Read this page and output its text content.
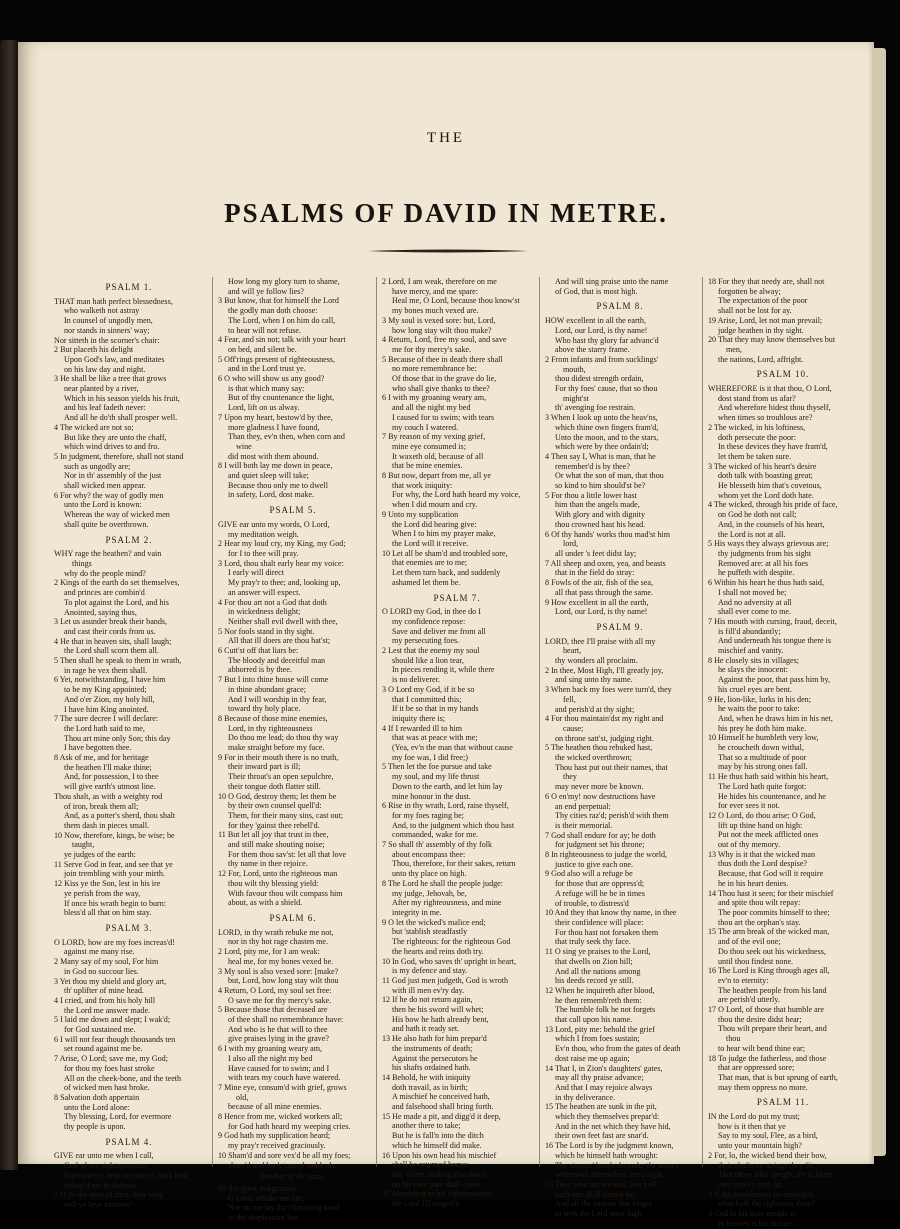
THE
PSALMS OF DAVID IN METRE.

PSALM 1.

THAT man hath perfect blessedness,

who walketh not astray

In counsel of ungodly men,

nor stands in sinners' way;

Nor sitteth in the scorner's chair:

2 But placeth his delight

Upon God's law, and meditates

on his law day and night.

3 He shall be like a tree that grows

near planted by a river,

Which in his season yields his fruit,

and his leaf fadeth never:

And all he do'th shall prosper well.

4 The wicked are not so;

But like they are unto the chaff,

which wind drives to and fro.

5 In judgment, therefore, shall not stand

such as ungodly are;

Nor in th' assembly of the just

shall wicked men appear.

6 For why? the way of godly men

unto the Lord is known:

Whereas the way of wicked men

shall quite be overthrown.

PSALM 2.

WHY rage the heathen? and vain

things

why do the people mind?

2 Kings of the earth do set themselves,

and princes are combin'd

To plot against the Lord, and his

Anointed, saying thus,

3 Let us asunder break their bands,

and cast their cords from us.

4 He that in heaven sits, shall laugh;

the Lord shall scorn them all.

5 Then shall he speak to them in wrath,

in rage he vex them shall.

6 Yet, notwithstanding, I have him

to be my King appointed;

And o'er Zion, my holy hill,

I have him King anointed.

7 The sure decree I will declare:

the Lord hath said to me,

Thou art mine only Son; this day

I have begotten thee.

8 Ask of me, and for heritage

the heathen I'll make thine;

And, for possession, I to thee

will give earth's utmost line.

Thou shalt, as with a weighty rod

of iron, break them all;

And, as a potter's sherd, thou shalt

them dash in pieces small.

10 Now, therefore, kings, be wise; be

taught,

ye judges of the earth:

11 Serve God in fear, and see that ye

join trembling with your mirth.

12 Kiss ye the Son, lest in his ire

ye perish from the way,

If once his wrath begin to burn:

bless'd all that on him stay.

PSALM 3.

O LORD, how are my foes increas'd!

against me many rise.

2 Many say of my soul, For him

in God no succour lies.

3 Yet thou my shield and glory art,

th' uplifter of mine head.

4 I cried, and from his holy hill

the Lord me answer made.

5 I laid me down and slept; I wak'd;

for God sustained me.

6 I will not fear though thousands ten

set round against me be.

7 Arise, O Lord; save me, my God;

for thou my foes hast stroke

All on the cheek-bone, and the teeth

of wicked men hast broke.

8 Salvation doth appertain

unto the Lord alone:

Thy blessing, Lord, for evermore

thy people is upon.

PSALM 4.

GIVE ear unto me when I call,

God of my righteousness:

Have mercy, hear my pray'r; thou hast

enlarg'd me in distress.

2 O ye the sons of men, how long

will ye love vanities?

How long my glory turn to shame,

and will ye follow lies?

3 But know, that for himself the Lord

the godly man doth choose:

The Lord, when I on him do call,

to hear will not refuse.

4 Fear, and sin not; talk with your heart

on bed, and silent be.

5 Off'rings present of righteousness,

and in the Lord trust ye.

6 O who will show us any good?

is that which many say:

But of thy countenance the light,

Lord, lift on us alway.

7 Upon my heart, bestow'd by thee,

more gladness I have found,

Than they, ev'n then, when corn and

wine

did most with them abound.

8 I will both lay me down in peace,

and quiet sleep will take;

Because thou only me to dwell

in safety, Lord, dost make.

PSALM 5.

GIVE ear unto my words, O Lord,

my meditation weigh.

2 Hear my loud cry, my King, my God;

for I to thee will pray.

3 Lord, thou shalt early hear my voice:

I early will direct

My pray'r to thee; and, looking up,

an answer will expect.

4 For thou art not a God that doth

in wickedness delight;

Neither shall evil dwell with thee,

5 Nor fools stand in thy sight.

All that ill doers are thou hat'st;

6 Cutt'st off that liars be:

The bloody and deceitful man

abhorred is by thee.

7 But I into thine house will come

in thine abundant grace;

And I will worship in thy fear,

toward thy holy place.

8 Because of those mine enemies,

Lord, in thy righteousness

Do thou me lead; do thou thy way

make straight before my face.

9 For in their mouth there is no truth,

their inward part is ill;

Their throat's an open sepulchre,

their tongue doth flatter still.

10 O God, destroy them; let them be

by their own counsel quell'd:

Them, for their many sins, cast out;

for they 'gainst thee rebell'd.

11 But let all joy that trust in thee,

and still make shouting noise;

For them thou sav'st: let all that love

thy name in thee rejoice.

12 For, Lord, unto the righteous man

thou wilt thy blessing yield:

With favour thou wilt compass him

about, as with a shield.

PSALM 6.

LORD, in thy wrath rebuke me not,

nor in thy hot rage chasten me.

2 Lord, pity me, for I am weak:

heal me, for my bones vexed be.

3 My soul is also vexed sore: [make?

but, Lord, how long stay wilt thou

4 Return, O Lord, my soul set free:

O save me for thy mercy's sake.

5 Because those that deceased are

of thee shall no remembrance have:

And who is he that will to thee

give praises lying in the grave?

6 I with my groaning weary am,

I also all the night my bed

Have caused for to swim; and I

with tears my couch have watered.

7 Mine eye, consum'd with grief, grows

old,

because of all mine enemies.

8 Hence from me, wicked workers all;

for God hath heard my weeping cries.

9 God hath my supplication heard;

my pray'r received graciously.

10 Sham'd and sore vex'd be all my foes;

sham'd and back turned suddenly.

Another of the same.

IN thy great indignation,

O Lord, rebuke me not;

Nor on me lay thy chast'ning hand

in thy displeasure hot.

2 Lord, I am weak, therefore on me

have mercy, and me spare:

Heal me, O Lord, because thou know'st

my bones much vexed are.

3 My soul is vexed sore: but, Lord,

how long stay wilt thou make?

4 Return, Lord, free my soul, and save

me for thy mercy's sake.

5 Because of thee in death there shall

no more remembrance be:

Of those that in the grave do lie,

who shall give thanks to thee?

6 I with my groaning weary am,

and all the night my bed

I caused for to swim; with tears

my couch I watered.

7 By reason of my vexing grief,

mine eye consumed is;

It waxeth old, because of all

that be mine enemies.

8 But now, depart from me, all ye

that work iniquity:

For why, the Lord hath heard my voice,

when I did mourn and cry.

9 Unto my supplication

the Lord did hearing give:

When I to him my prayer make,

the Lord will it receive.

10 Let all be sham'd and troubled sore,

that enemies are to me;

Let them turn back, and suddenly

ashamed let them be.

PSALM 7.

O LORD my God, in thee do I

my confidence repose:

Save and deliver me from all

my persecuting foes.

2 Lest that the enemy my soul

should like a lion tear,

In pieces rending it, while there

is no deliverer.

3 O Lord my God, if it be so

that I committed this;

If it be so that in my hands

iniquity there is;

4 If I rewarded ill to him

that was at peace with me;

(Yea, ev'n the man that without cause

my foe was, I did free;)

5 Then let the foe pursue and take

my soul, and my life thrust

Down to the earth, and let him lay

mine honour in the dust.

6 Rise in thy wrath, Lord, raise thyself,

for my foes raging be;

And, to the judgment which thou hast

commanded, wake for me.

7 So shall th' assembly of thy folk

about encompass thee:

Thou, therefore, for their sakes, return

unto thy place on high.

8 The Lord he shall the people judge:

my judge, Jehovah, be,

After my righteousness, and mine

integrity in me.

9 O let the wicked's malice end;

but 'stablish steadfastly

The righteous: for the righteous God

the hearts and reins doth try.

10 In God, who saves th' upright in heart,

is my defence and stay.

11 God just men judgeth, God is wroth

with ill men ev'ry day.

12 If he do not return again,

then he his sword will whet;

His bow he hath already bent,

and hath it ready set.

13 He also hath for him prepar'd

the instruments of death;

Against the persecutors he

his shafts ordained hath.

14 Behold, he with iniquity

doth travail, as in birth;

A mischief he conceived hath,

and falsehood shall bring forth.

15 He made a pit, and digg'd it deep,

another there to take;

But he is fall'n into the ditch

which he himself did make.

16 Upon his own head his mischief

shall be returned home;

His vi'lent dealing also down

on his own pate shall come.

17 According to his righteousness

the Lord I'll magnify

And will sing praise unto the name

of God, that is most high.

PSALM 8.

HOW excellent in all the earth,

Lord, our Lord, is thy name!

Who hast thy glory far advanc'd

above the starry frame.

2 From infants and from sucklings'

mouth,

thou didest strength ordain,

For thy foes' cause, that so thou

might'st

th' avenging foe restrain.

3 When I look up unto the heav'ns,

which thine own fingers fram'd,

Unto the moon, and to the stars,

which were by thee ordain'd;

4 Then say I, What is man, that he

remember'd is by thee?

Or what the son of man, that thou

so kind to him should'st be?

5 For thou a little lower hast

him than the angels made,

With glory and with dignity

thou crowned hast his head.

6 Of thy hands' works thou mad'st him

lord,

all under 's feet didst lay;

7 All sheep and oxen, yea, and beasts

that in the field do stray:

8 Fowls of the air, fish of the sea,

all that pass through the same.

9 How excellent in all the earth,

Lord, our Lord, is thy name!

PSALM 9.

LORD, thee I'll praise with all my

heart,

thy wonders all proclaim.

2 In thee, Most High, I'll greatly joy,

and sing unto thy name.

3 When back my foes were turn'd, they

fell,

and perish'd at thy sight;

4 For thou maintain'dst my right and

cause;

on throne satt'st, judging right.

5 The heathen thou rebuked hast,

the wicked overthrown;

Thou hast put out their names, that

they

may never more be known.

6 O en'my! now destructions have

an end perpetual:

Thy cities raz'd; perish'd with them

is their memorial.

7 God shall endure for ay; he doth

for judgment set his throne;

8 In righteousness to judge the world,

justice to give each one.

9 God also will a refuge be

for those that are oppress'd;

A refuge will he be in times

of trouble, to distress'd

10 And they that know thy name, in thee

their confidence will place:

For thou hast not forsaken them

that truly seek thy face.

11 O sing ye praises to the Lord,

that dwells on Zion hill;

And all the nations among

his deeds record ye still.

12 When he inquireth after blood,

he then rememb'reth them:

The humble folk he not forgets

that call upon his name.

13 Lord, pity me: behold the grief

which I from foes sustain;

Ev'n thou, who from the gates of death

dost raise me up again;

14 That I, in Zion's daughters' gates,

may all thy praise advance;

And that I may rejoice always

in thy deliverance.

15 The heathen are sunk in the pit,

which they themselves prepar'd:

And in the net which they have hid,

their own feet fast are snar'd.

16 The Lord is by the judgment known,

which he himself hath wrought:

The sinners' hands do make the snares

wherewith themselves are caught.

17 They who are wicked, into hell

each one shall turned be;

And all the nations that forget

to seek the Lord most high.

18 For they that needy are, shall not

forgotten be alway;

The expectation of the poor

shall not be lost for ay.

19 Arise, Lord, let not man prevail;

judge heathen in thy sight.

20 That they may know themselves but

men,

the nations, Lord, affright.

PSALM 10.

WHEREFORE is it that thou, O Lord,

dost stand from us afar?

And wherefore hidest thou thyself,

when times so troublous are?

2 The wicked, in his loftiness,

doth persecute the poor:

In these devices they have fram'd,

let them be taken sure.

3 The wicked of his heart's desire

doth talk with boasting great;

He blesseth him that's covetous,

whom yet the Lord doth hate.

4 The wicked, through his pride of face,

on God he doth not call;

And, in the counsels of his heart,

the Lord is not at all.

5 His ways they always grievous are;

thy judgments from his sight

Removed are: at all his foes

he puffeth with despite.

6 Within his heart he thus hath said,

I shall not moved be;

And no adversity at all

shall ever come to me.

7 His mouth with cursing, fraud, deceit,

is fill'd abundantly;

And underneath his tongue there is

mischief and vanity.

8 He closely sits in villages;

he slays the innocent:

Against the poor, that pass him by,

his cruel eyes are bent.

9 He, lion-like, lurks in his den;

he waits the poor to take:

And, when he draws him in his net,

his prey he doth him make.

10 Himself he humbleth very low,

he croucheth down withal,

That so a multitude of poor

may by his strong ones fall.

11 He thus hath said within his heart,

The Lord hath quite forgot:

He hides his countenance, and he

for ever sees it not.

12 O Lord, do thou arise; O God,

lift up thine hand on high:

Put not the meek afflicted ones

out of thy memory.

13 Why is it that the wicked man

thus doth the Lord despise?

Because, that God will it require

he in his heart denies.

14 Thou hast it seen; for their mischief

and spite thou wilt repay:

The poor commits himself to thee;

thou art the orphan's stay.

15 The arm break of the wicked man,

and of the evil one;

Do thou seek out his wickedness,

until thou findest none.

16 The Lord is King through ages all,

ev'n to eternity:

The heathen people from his land

are perish'd utterly.

17 O Lord, of those that humble are

thou the desire didst hear;

Thou wilt prepare their heart, and

thou

to hear wilt bend thine ear;

18 To judge the fatherless, and those

that are oppressed sore;

That man, that is but sprung of earth,

may them oppress no more.

PSALM 11.

IN the Lord do put my trust;

how is it then that ye

Say to my soul, Flee, as a bird,

unto your mountain high?

2 For, lo, the wicked bend their bow,

their shafts on strings they fit,

That those who upright are in heart

they privily may hit.

3 If the foundations be destroy'd,

what hath the righteous done?

4 God in his holy temple is,

in heaven is his throne:
